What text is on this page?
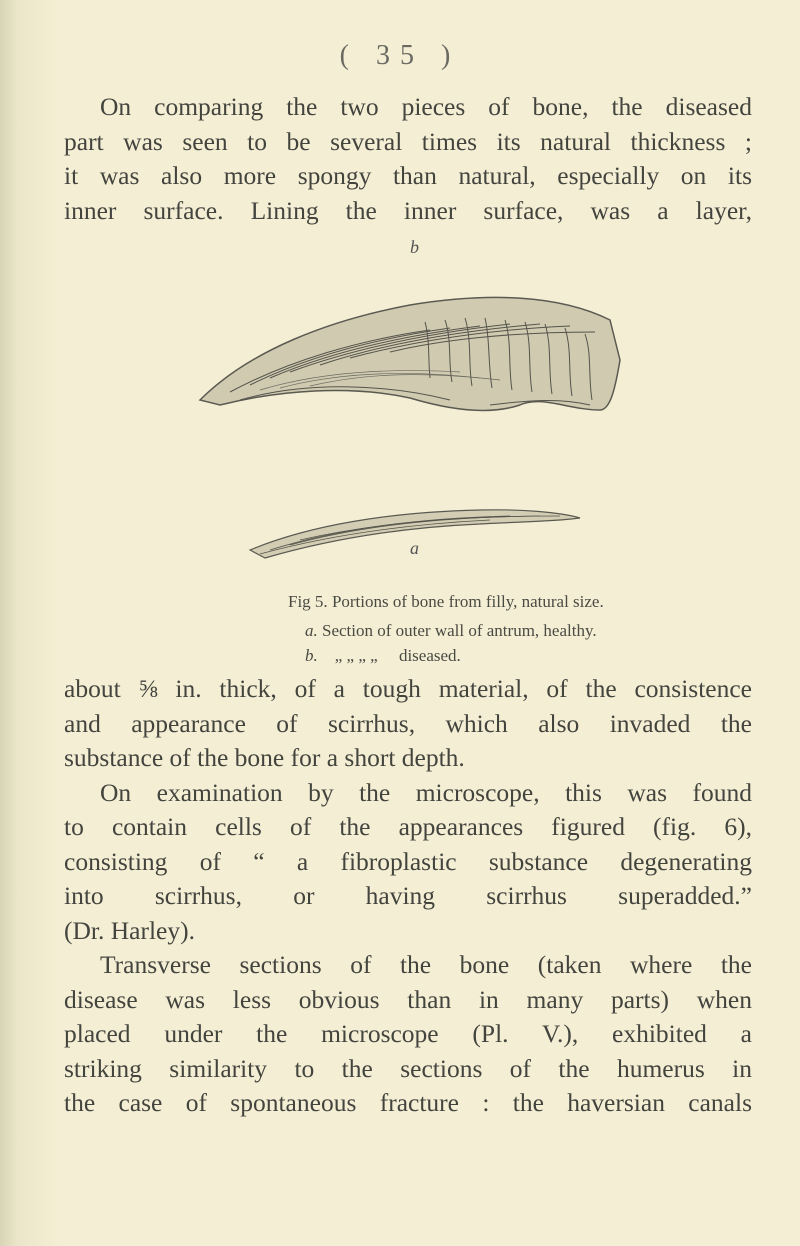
( 35 )
On comparing the two pieces of bone, the diseased
part was seen to be several times its natural thickness ;
it was also more spongy than natural, especially on its
inner surface. Lining the inner surface, was a layer,
b
a
Fig 5. Portions of bone from filly, natural size.
a. Section of outer wall of antrum, healthy.
b. „ „ „ „ diseased.
about ⅝ in. thick, of a tough material, of the consistence
and appearance of scirrhus, which also invaded the
substance of the bone for a short depth.
On examination by the microscope, this was found
to contain cells of the appearances figured (fig. 6),
consisting of “ a fibroplastic substance degenerating
into scirrhus, or having scirrhus superadded.”
(Dr. Harley).
Transverse sections of the bone (taken where the
disease was less obvious than in many parts) when
placed under the microscope (Pl. V.), exhibited a
striking similarity to the sections of the humerus in
the case of spontaneous fracture : the haversian canals
